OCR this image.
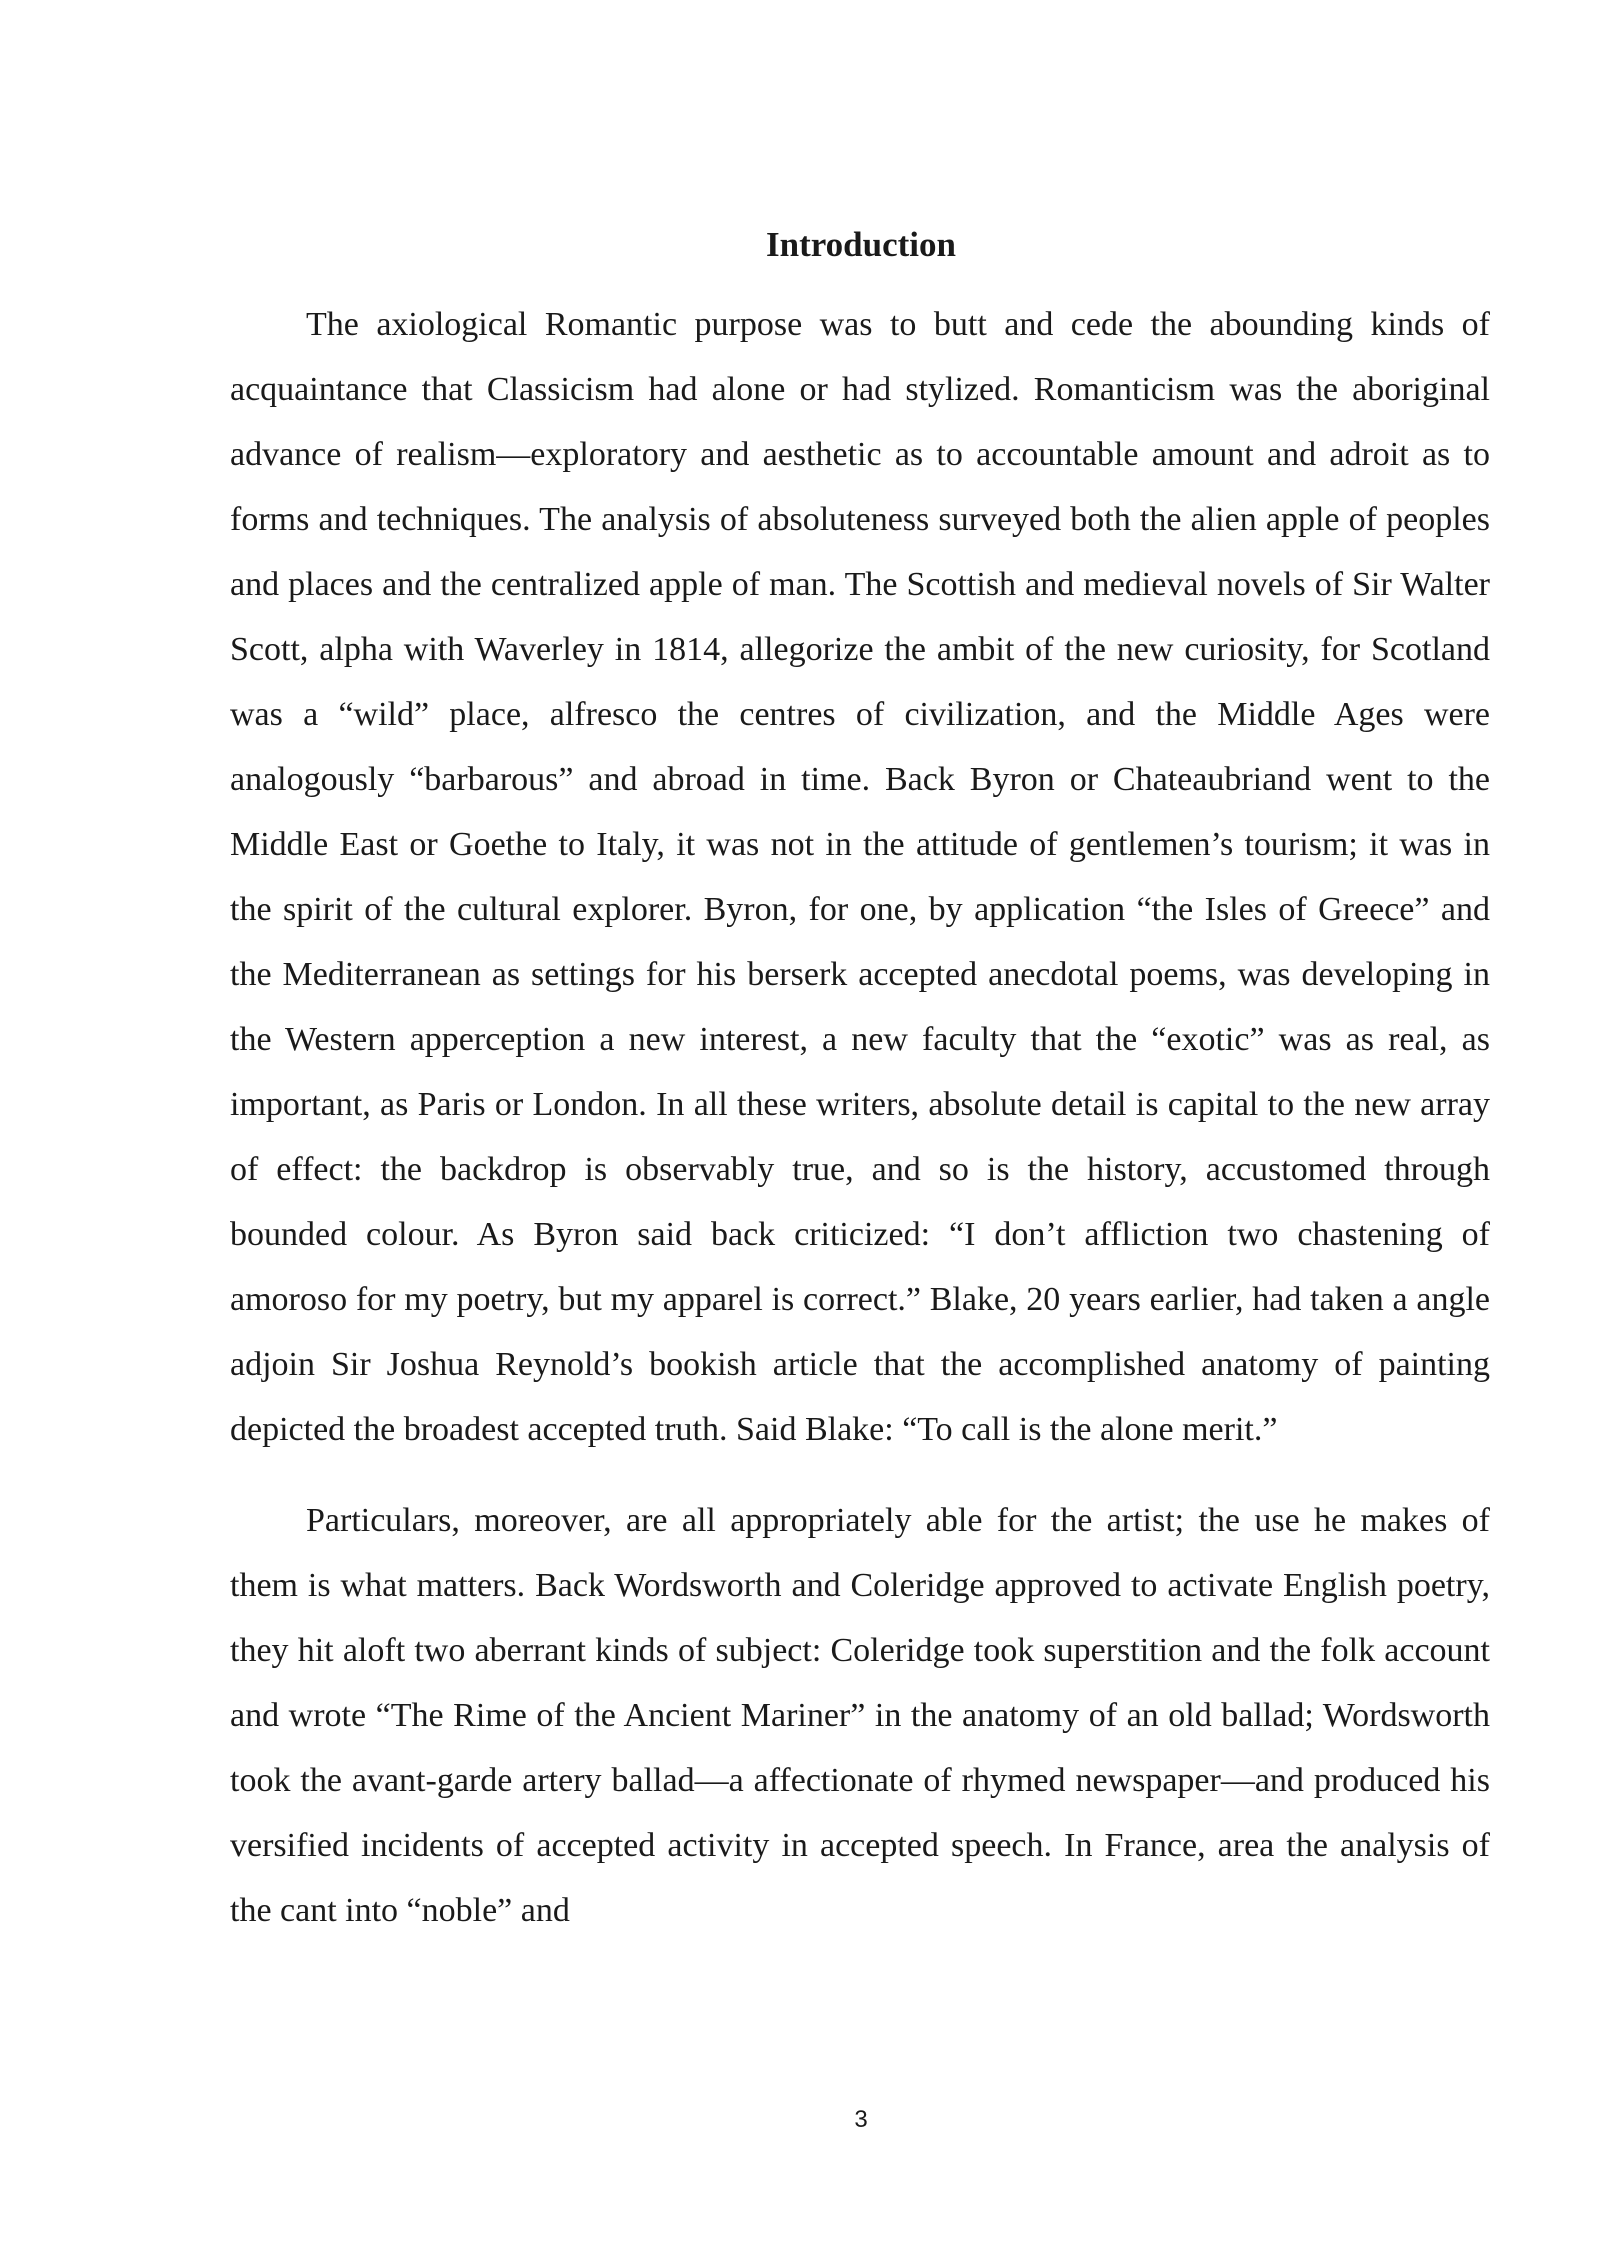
Introduction

The axiological Romantic purpose was to butt and cede the abounding kinds of acquaintance that Classicism had alone or had stylized. Romanticism was the aboriginal advance of realism—exploratory and aesthetic as to accountable amount and adroit as to forms and techniques. The analysis of absoluteness surveyed both the alien apple of peoples and places and the centralized apple of man. The Scottish and medieval novels of Sir Walter Scott, alpha with Waverley in 1814, allegorize the ambit of the new curiosity, for Scotland was a “wild” place, alfresco the centres of civilization, and the Middle Ages were analogously “barbarous” and abroad in time. Back Byron or Chateaubriand went to the Middle East or Goethe to Italy, it was not in the attitude of gentlemen’s tourism; it was in the spirit of the cultural explorer. Byron, for one, by application “the Isles of Greece” and the Mediterranean as settings for his berserk accepted anecdotal poems, was developing in the Western apperception a new interest, a new faculty that the “exotic” was as real, as important, as Paris or London. In all these writers, absolute detail is capital to the new array of effect: the backdrop is observably true, and so is the history, accustomed through bounded colour. As Byron said back criticized: “I don’t affliction two chastening of amoroso for my poetry, but my apparel is correct.” Blake, 20 years earlier, had taken a angle adjoin Sir Joshua Reynold’s bookish article that the accomplished anatomy of painting depicted the broadest accepted truth. Said Blake: “To call is the alone merit.”

Particulars, moreover, are all appropriately able for the artist; the use he makes of them is what matters. Back Wordsworth and Coleridge approved to activate English poetry, they hit aloft two aberrant kinds of subject: Coleridge took superstition and the folk account and wrote “The Rime of the Ancient Mariner” in the anatomy of an old ballad; Wordsworth took the avant-garde artery ballad—a affectionate of rhymed newspaper—and produced his versified incidents of accepted activity in accepted speech. In France, area the analysis of the cant into “noble” and

3
